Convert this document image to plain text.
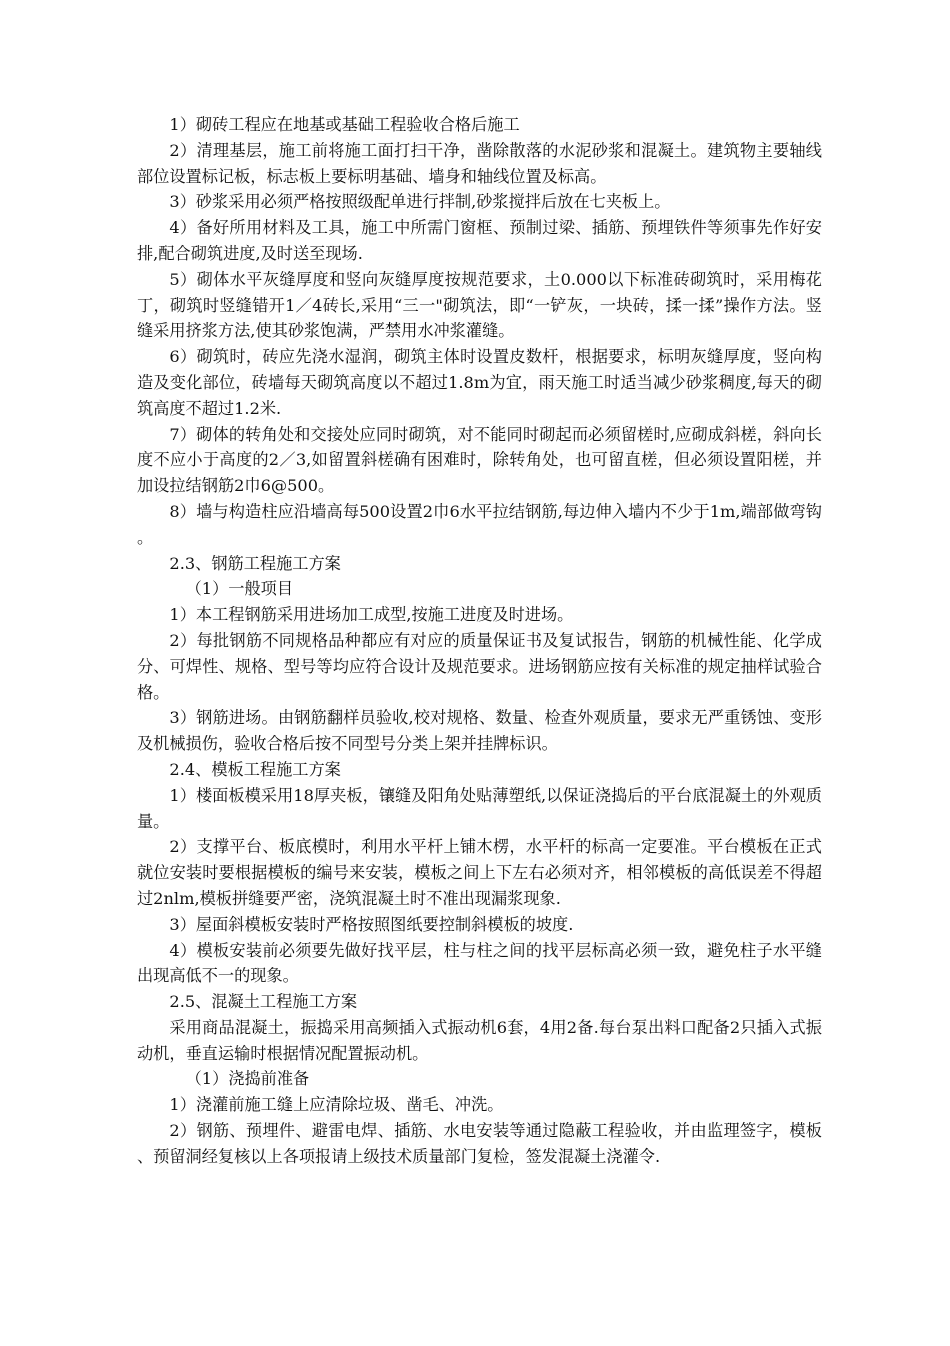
1）砌砖工程应在地基或基础工程验收合格后施工

2）清理基层，施工前将施工面打扫干净，凿除散落的水泥砂浆和混凝土。建筑物主要轴线部位设置标记板，标志板上要标明基础、墙身和轴线位置及标高。

3）砂浆采用必须严格按照级配单进行拌制,砂浆搅拌后放在七夹板上。

4）备好所用材料及工具，施工中所需门窗框、预制过梁、插筋、预埋铁件等须事先作好安排,配合砌筑进度,及时送至现场.

5）砌体水平灰缝厚度和竖向灰缝厚度按规范要求，土0.000以下标准砖砌筑时，采用梅花丁，砌筑时竖缝错开1／4砖长,采用“三一"砌筑法，即“一铲灰，一块砖，揉一揉”操作方法。竖缝采用挤浆方法,使其砂浆饱满，严禁用水冲浆灌缝。

6）砌筑时，砖应先浇水湿润，砌筑主体时设置皮数杆，根据要求，标明灰缝厚度，竖向构造及变化部位，砖墙每天砌筑高度以不超过1.8m为宜，雨天施工时适当减少砂浆稠度,每天的砌筑高度不超过1.2米.

7）砌体的转角处和交接处应同时砌筑，对不能同时砌起而必须留槎时,应砌成斜槎，斜向长度不应小于高度的2／3,如留置斜槎确有困难时，除转角处，也可留直槎，但必须设置阳槎，并加设拉结钢筋2巾6@500。

8）墙与构造柱应沿墙高每500设置2巾6水平拉结钢筋,每边伸入墙内不少于1m,端部做弯钩。

2.3、钢筋工程施工方案

（1）一般项目

1）本工程钢筋采用进场加工成型,按施工进度及时进场。

2）每批钢筋不同规格品种都应有对应的质量保证书及复试报告，钢筋的机械性能、化学成分、可焊性、规格、型号等均应符合设计及规范要求。进场钢筋应按有关标准的规定抽样试验合格。

3）钢筋进场。由钢筋翻样员验收,校对规格、数量、检查外观质量，要求无严重锈蚀、变形及机械损伤，验收合格后按不同型号分类上架并挂牌标识。

2.4、模板工程施工方案

1）楼面板模采用18厚夹板，镶缝及阳角处贴薄塑纸,以保证浇捣后的平台底混凝土的外观质量。

2）支撑平台、板底模时，利用水平杆上铺木楞，水平杆的标高一定要准。平台模板在正式就位安装时要根据模板的编号来安装，模板之间上下左右必须对齐，相邻模板的高低误差不得超过2nlm,模板拼缝要严密，浇筑混凝土时不准出现漏浆现象.

3）屋面斜模板安装时严格按照图纸要控制斜模板的坡度.

4）模板安装前必须要先做好找平层，柱与柱之间的找平层标高必须一致，避免柱子水平缝出现高低不一的现象。

2.5、混凝土工程施工方案

采用商品混凝土，振捣采用高频插入式振动机6套，4用2备.每台泵出料口配备2只插入式振动机，垂直运输时根据情况配置振动机。

（1）浇捣前准备

1）浇灌前施工缝上应清除垃圾、凿毛、冲洗。

2）钢筋、预埋件、避雷电焊、插筋、水电安装等通过隐蔽工程验收，并由监理签字，模板、预留洞经复核以上各项报请上级技术质量部门复检，签发混凝土浇灌令.
